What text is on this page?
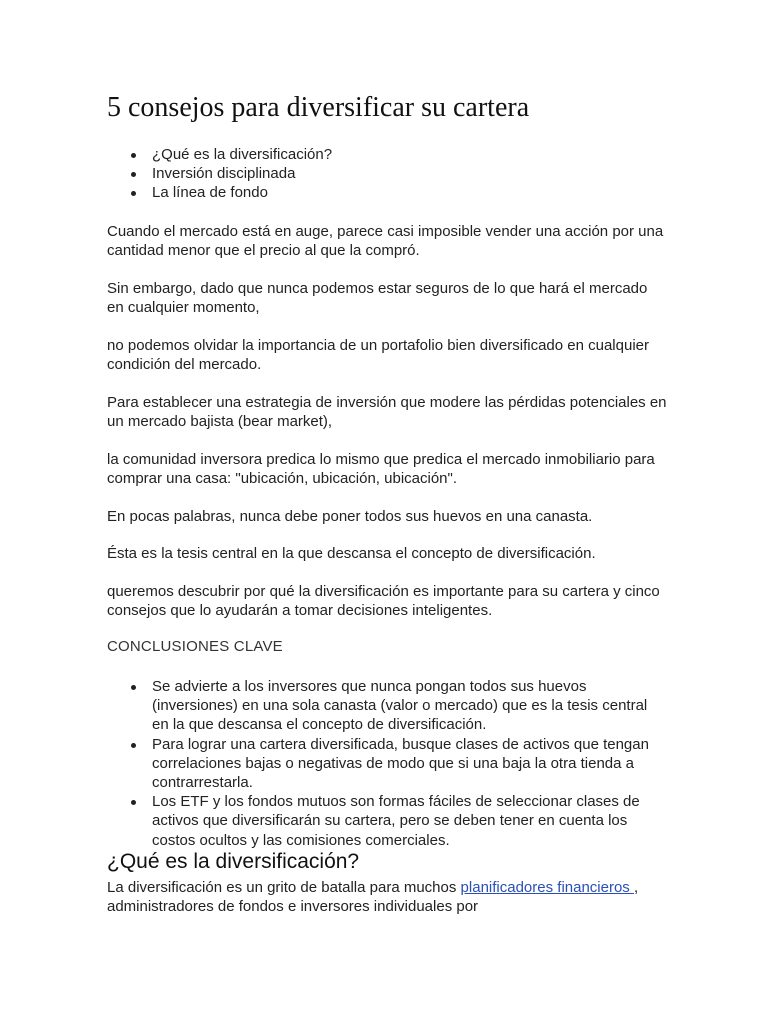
5 consejos para diversificar su cartera
¿Qué es la diversificación?
Inversión disciplinada
La línea de fondo

Cuando el mercado está en auge, parece casi imposible vender una acción por una cantidad menor que el precio al que la compró.

Sin embargo, dado que nunca podemos estar seguros de lo que hará el mercado en cualquier momento,

no podemos olvidar la importancia de un portafolio bien diversificado en cualquier condición del mercado.

Para establecer una estrategia de inversión que modere las pérdidas potenciales en un mercado bajista (bear market),

la comunidad inversora predica lo mismo que predica el mercado inmobiliario para comprar una casa: "ubicación, ubicación, ubicación".

En pocas palabras, nunca debe poner todos sus huevos en una canasta.

Ésta es la tesis central en la que descansa el concepto de diversificación.

queremos descubrir por qué la diversificación es importante para su cartera y cinco consejos que lo ayudarán a tomar decisiones inteligentes.

CONCLUSIONES CLAVE
Se advierte a los inversores que nunca pongan todos sus huevos (inversiones) en una sola canasta (valor o mercado) que es la tesis central en la que descansa el concepto de diversificación.
Para lograr una cartera diversificada, busque clases de activos que tengan correlaciones bajas o negativas de modo que si una baja la otra tienda a contrarrestarla.
Los ETF y los fondos mutuos son formas fáciles de seleccionar clases de activos que diversificarán su cartera, pero se deben tener en cuenta los costos ocultos y las comisiones comerciales.
¿Qué es la diversificación?

La diversificación es un grito de batalla para muchos planificadores financieros , administradores de fondos e inversores individuales por
